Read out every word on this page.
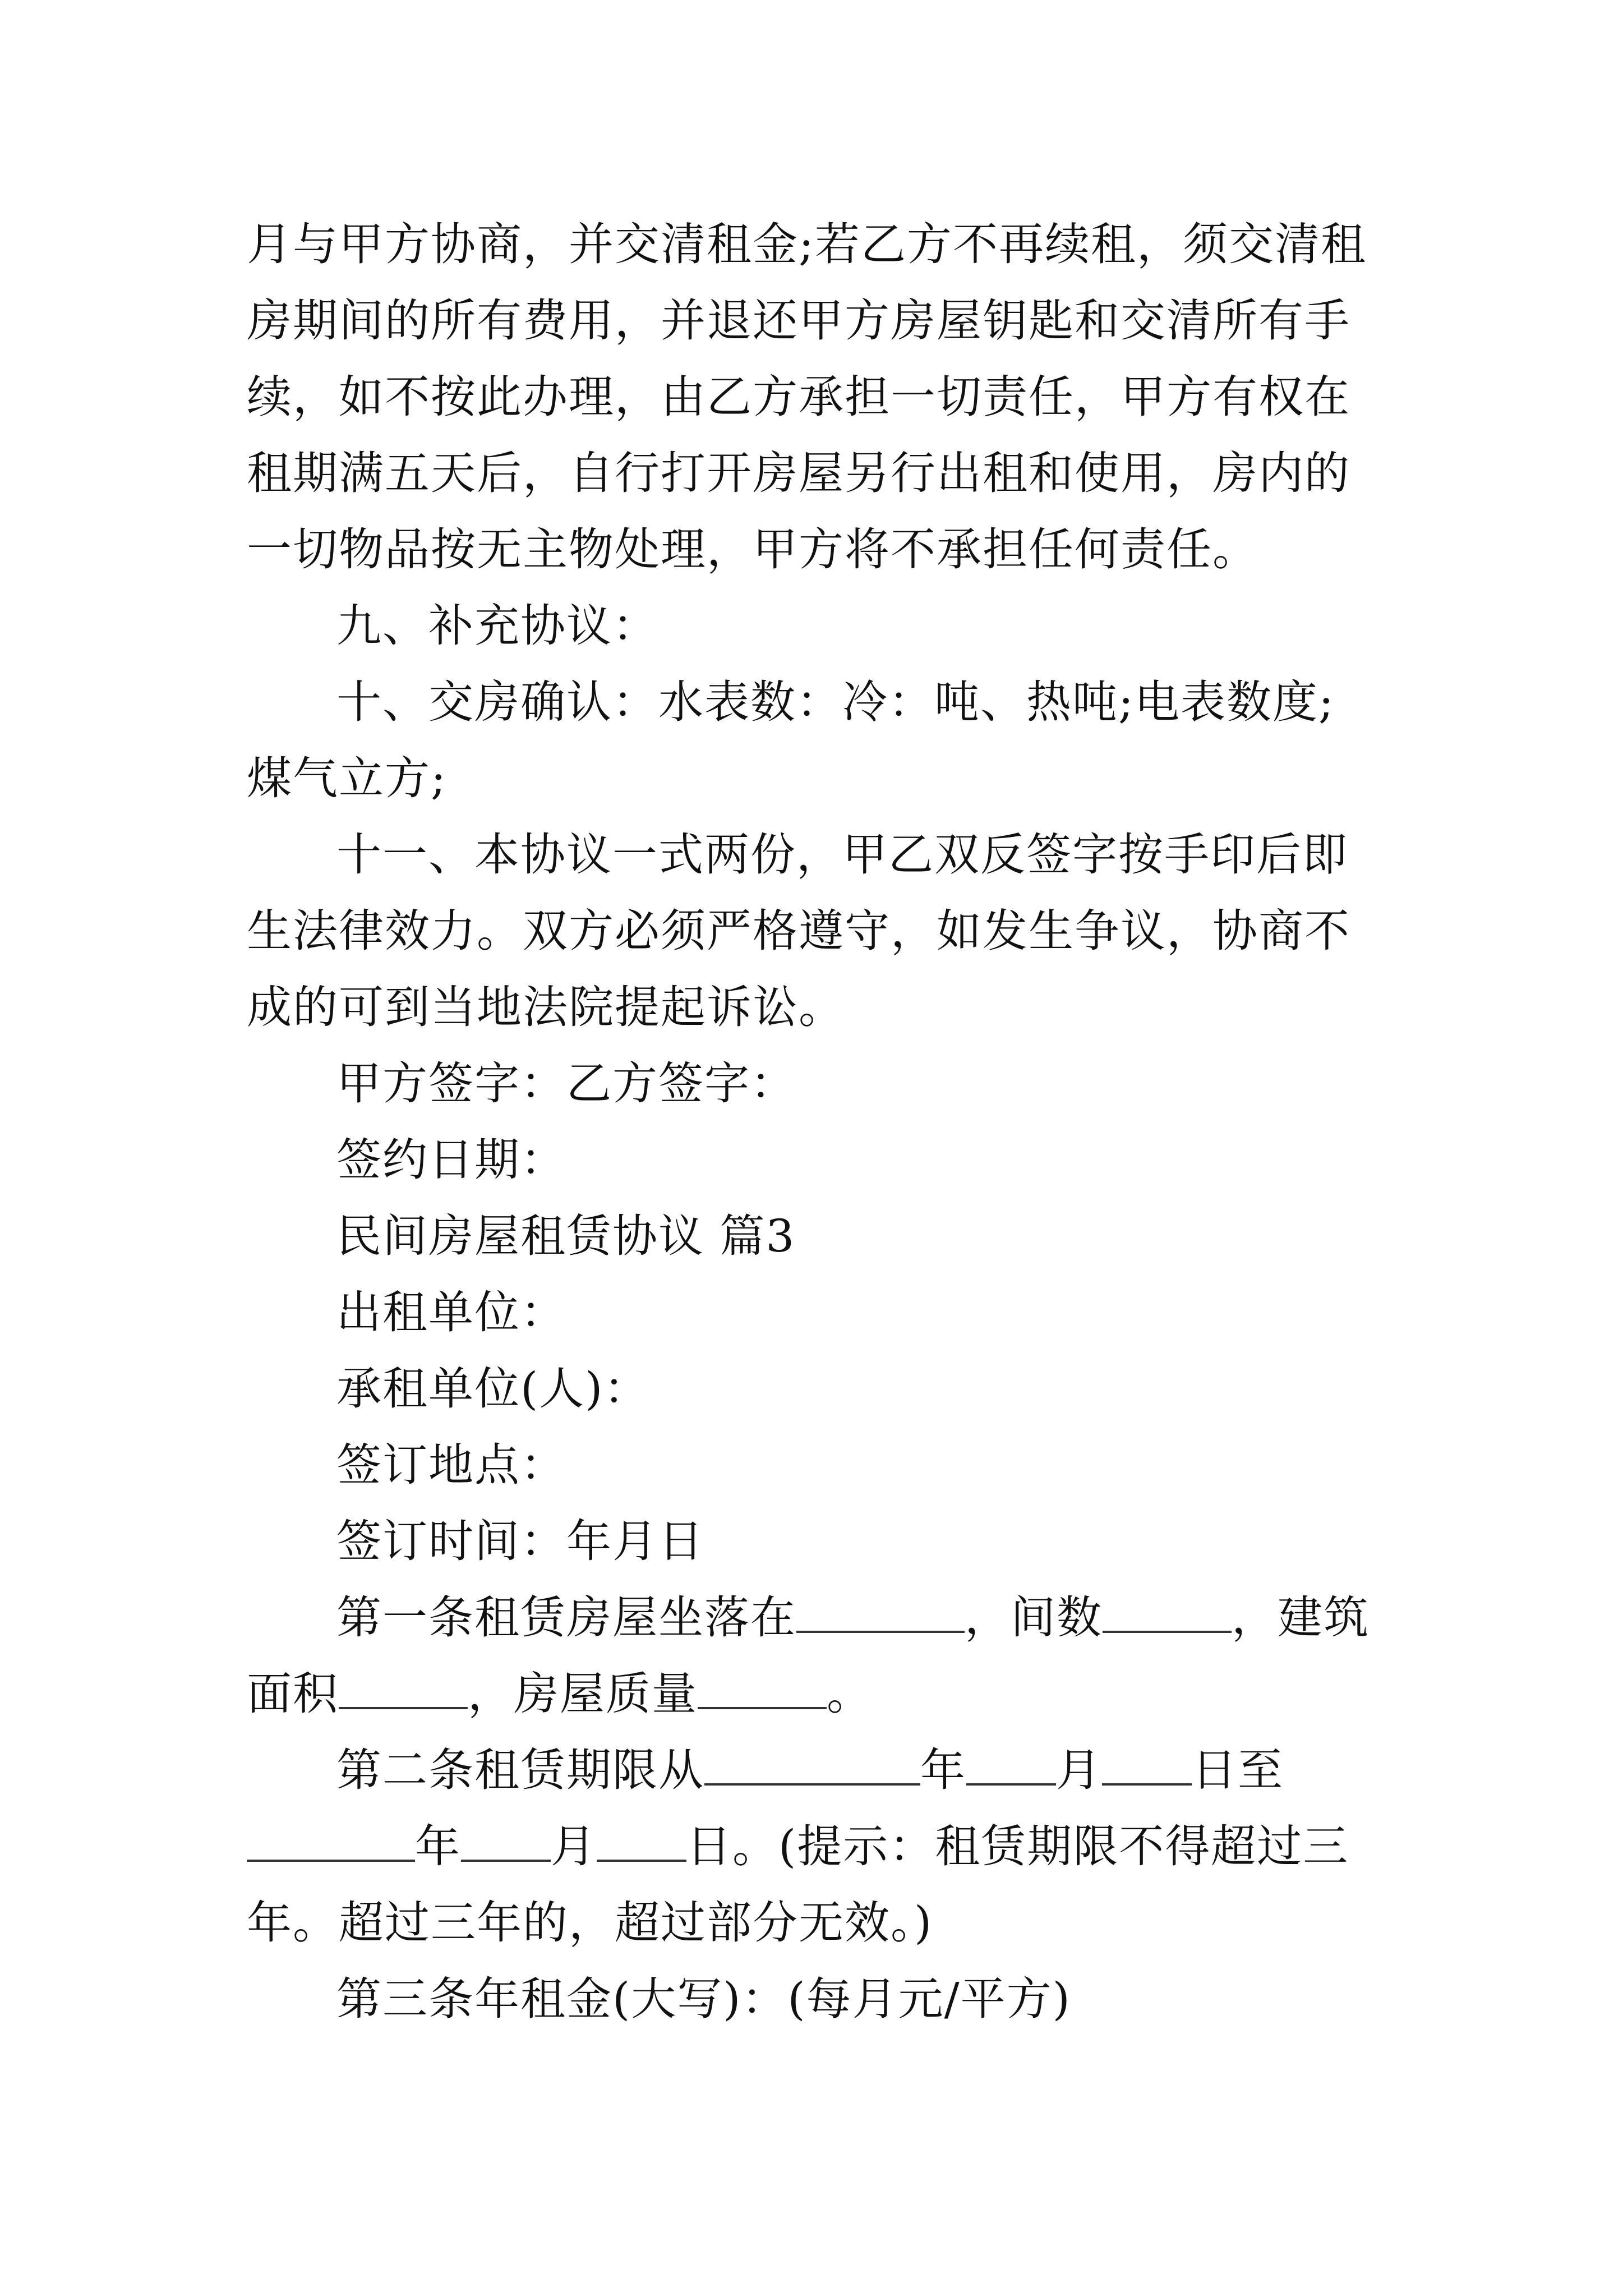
月与甲方协商，并交清租金;若乙方不再续租，须交清租房期间的所有费用，并退还甲方房屋钥匙和交清所有手续，如不按此办理，由乙方承担一切责任，甲方有权在租期满五天后，自行打开房屋另行出租和使用，房内的一切物品按无主物处理，甲方将不承担任何责任。

九、补充协议：

十、交房确认：水表数：冷：吨、热吨;电表数度;煤气立方;

十一、本协议一式两份，甲乙双反签字按手印后即生法律效力。双方必须严格遵守，如发生争议，协商不成的可到当地法院提起诉讼。

甲方签字：乙方签字：

签约日期：

民间房屋租赁协议 篇3

出租单位：

承租单位(人)：

签订地点：

签订时间：年月日

第一条租赁房屋坐落在	，间数	，建筑面积	，房屋质量	。

第二条租赁期限从	年 月 日至年 月 日。(提示：租赁期限不得超过三年。超过三年的，超过部分无效。)

第三条年租金(大写)：(每月元/平方)
